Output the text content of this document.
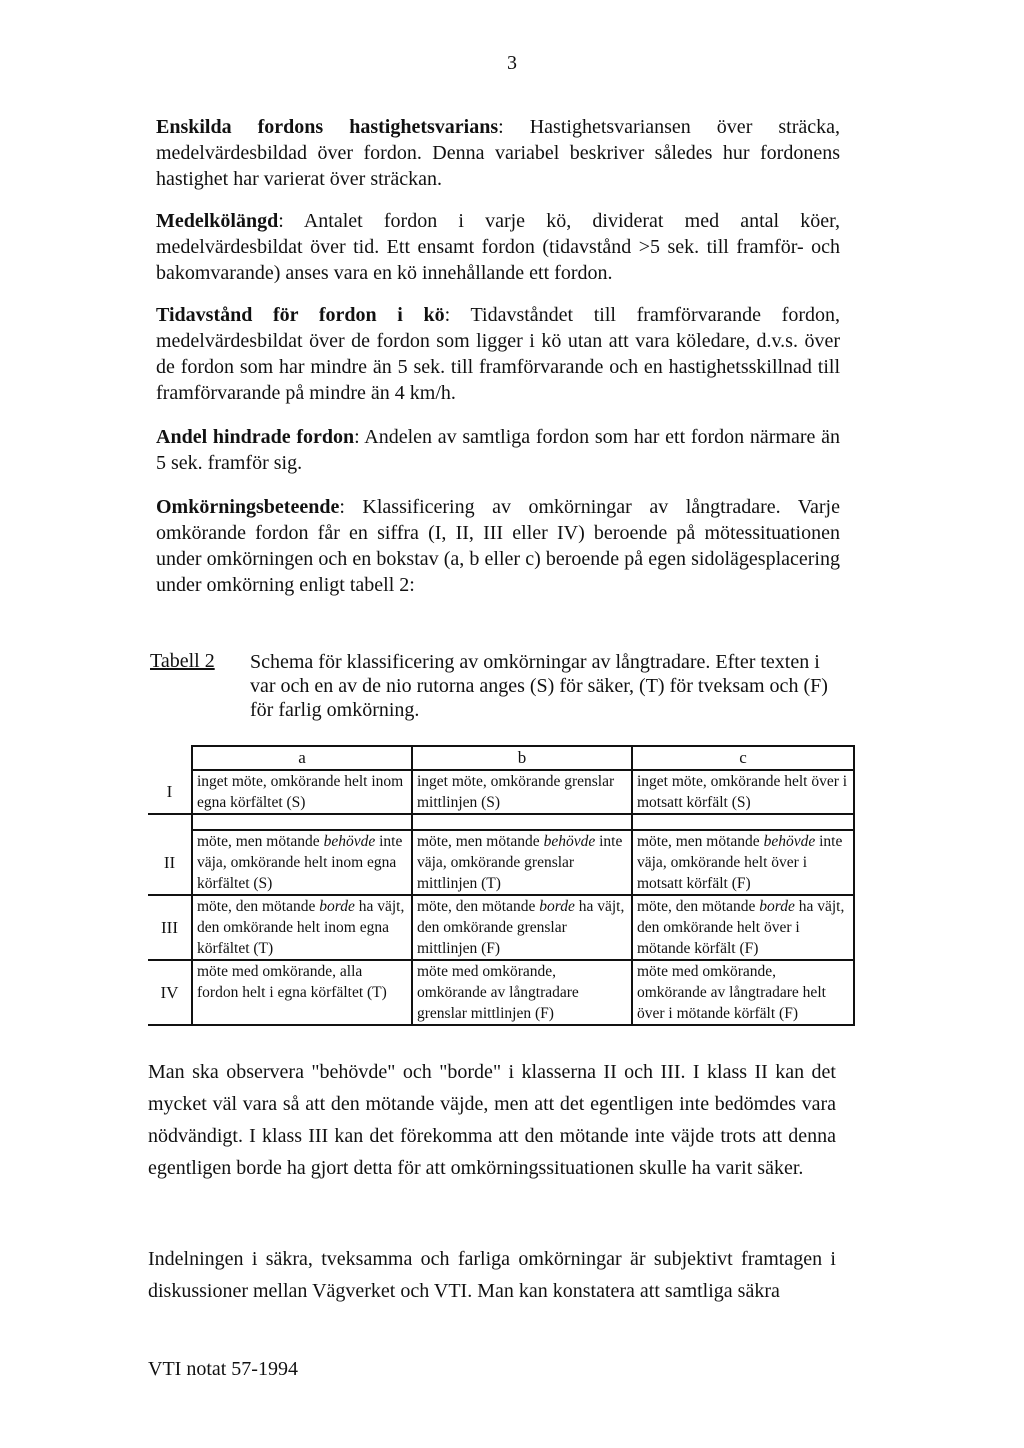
3

Enskilda fordons hastighetsvarians: Hastighetsvariansen över sträcka, medelvärdesbildad över fordon. Denna variabel beskriver således hur fordonens hastighet har varierat över sträckan.

Medelkölängd: Antalet fordon i varje kö, dividerat med antal köer, medelvärdesbildat över tid. Ett ensamt fordon (tidavstånd >5 sek. till framför- och bakomvarande) anses vara en kö innehållande ett fordon.

Tidavstånd för fordon i kö: Tidavståndet till framförvarande fordon, medelvärdesbildat över de fordon som ligger i kö utan att vara köledare, d.v.s. över de fordon som har mindre än 5 sek. till framförvarande och en hastighetsskillnad till framförvarande på mindre än 4 km/h.

Andel hindrade fordon: Andelen av samtliga fordon som har ett fordon närmare än 5 sek. framför sig.

Omkörningsbeteende: Klassificering av omkörningar av långtradare. Varje omkörande fordon får en siffra (I, II, III eller IV) beroende på mötessituationen under omkörningen och en bokstav (a, b eller c) beroende på egen sidolägesplacering under omkörning enligt tabell 2:

Tabell 2 Schema för klassificering av omkörningar av långtradare. Efter texten i var och en av de nio rutorna anges (S) för säker, (T) för tveksam och (F) för farlig omkörning.
	a	b	c
I	inget möte, omkörande helt inom egna körfältet (S)	inget möte, omkörande grenslar mittlinjen (S)	inget möte, omkörande helt över i motsatt körfält (S)

II	möte, men mötande behövde inte väja, omkörande helt inom egna körfältet (S)	möte, men mötande behövde inte väja, omkörande grenslar mittlinjen (T)	möte, men mötande behövde inte väja, omkörande helt över i motsatt körfält (F)
III	möte, den mötande borde ha väjt, den omkörande helt inom egna körfältet (T)	möte, den mötande borde ha väjt, den omkörande grenslar mittlinjen (F)	möte, den mötande borde ha väjt, den omkörande helt över i mötande körfält (F)
IV	möte med omkörande, alla fordon helt i egna körfältet (T)	möte med omkörande, omkörande av långtradare grenslar mittlinjen (F)	möte med omkörande, omkörande av långtradare helt över i mötande körfält (F)

Man ska observera "behövde" och "borde" i klasserna II och III. I klass II kan det mycket väl vara så att den mötande väjde, men att det egentligen inte bedömdes vara nödvändigt. I klass III kan det förekomma att den mötande inte väjde trots att denna egentligen borde ha gjort detta för att omkörningssituationen skulle ha varit säker.

Indelningen i säkra, tveksamma och farliga omkörningar är subjektivt framtagen i diskussioner mellan Vägverket och VTI. Man kan konstatera att samtliga säkra

VTI notat 57-1994
